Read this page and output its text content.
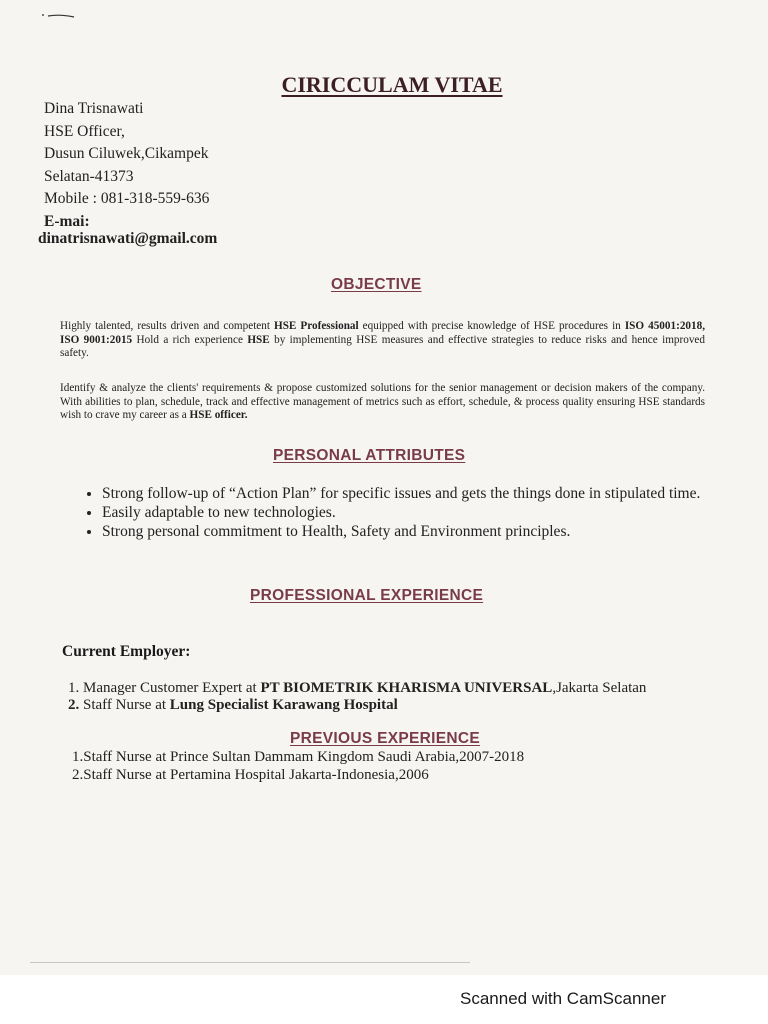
CIRICCULAM VITAE
Dina Trisnawati
HSE Officer,
Dusun Ciluwek,Cikampek
Selatan-41373
Mobile : 081-318-559-636
E-mai:
dinatrisnawati@gmail.com
OBJECTIVE
Highly talented, results driven and competent HSE Professional equipped with precise knowledge of HSE procedures in ISO 45001:2018, ISO 9001:2015 Hold a rich experience HSE by implementing HSE measures and effective strategies to reduce risks and hence improved safety.
Identify & analyze the clients' requirements & propose customized solutions for the senior management or decision makers of the company. With abilities to plan, schedule, track and effective management of metrics such as effort, schedule, & process quality ensuring HSE standards wish to crave my career as a HSE officer.
PERSONAL ATTRIBUTES
• Strong follow-up of “Action Plan” for specific issues and gets the things done in stipulated time.
• Easily adaptable to new technologies.
• Strong personal commitment to Health, Safety and Environment principles.
PROFESSIONAL EXPERIENCE
Current Employer:
1. Manager Customer Expert at PT BIOMETRIK KHARISMA UNIVERSAL,Jakarta Selatan
2. Staff Nurse at Lung Specialist Karawang Hospital
PREVIOUS EXPERIENCE
1.Staff Nurse at Prince Sultan Dammam Kingdom Saudi Arabia,2007-2018
2.Staff Nurse at Pertamina Hospital Jakarta-Indonesia,2006
Scanned with CamScanner
